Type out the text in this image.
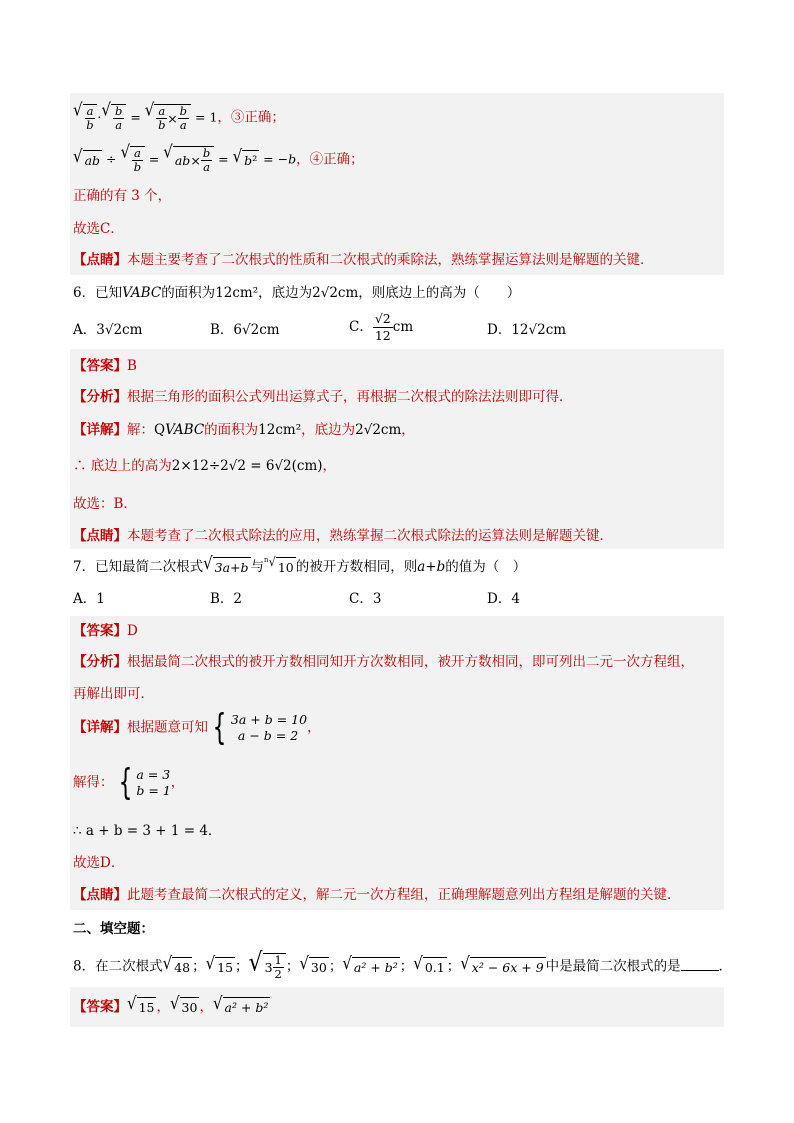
√ a
b
· √ b
a
= √ a
b × b
a
= 1，③正确；
√ ab ÷ √ a
b
= √ ab × b
a
= √ b ² = −b，④正确；
正确的有 3 个，
故选C．
【点睛】本题主要考查了二次根式的性质和二次根式的乘除法，熟练掌握运算法则是解题的关键．
6．已知VABC的面积为12cm²，底边为2√2cm，则底边上的高为（　　）
A．3√2cm	B．6√2cm	C． $\frac{√2}{12}$ cm	D．12√2cm
【答案】B
【分析】根据三角形的面积公式列出运算式子，再根据二次根式的除法法则即可得．
【详解】解：QVABC的面积为12cm²，底边为2√2cm，
∴ 底边上的高为2×12÷2√2 = 6√2(cm)，
故选：B．
【点睛】本题考查了二次根式除法的应用，熟练掌握二次根式除法的运算法则是解题关键．
7．已知最简二次根式 √ 3a+b 与 ⁿ√ 10 的被开方数相同，则a+b的值为（　）
A．1	B．2	C．3	D．4
【答案】D
【分析】根据最简二次根式的被开方数相同知开方次数相同，被开方数相同，即可列出二元一次方程组，
再解出即可．
【详解】根据题意可知 { 3a + b = 10
a − b = 2 ，
解得： { a = 3
b = 1 ，
∴ a + b = 3 + 1 = 4．
故选D．
【点睛】此题考查最简二次根式的定义，解二元一次方程组，正确理解题意列出方程组是解题的关键．
二、填空题：
8．在二次根式 √ 48 ； √ 15 ； √ $3 \frac{1}{2}$ ； √ 30 ； √ a² + b² ； √ 0.1 ； √ x² − 6x + 9 中是最简二次根式的是	．
【答案】 √ 15 ， √ 30 ， √ a² + b²
